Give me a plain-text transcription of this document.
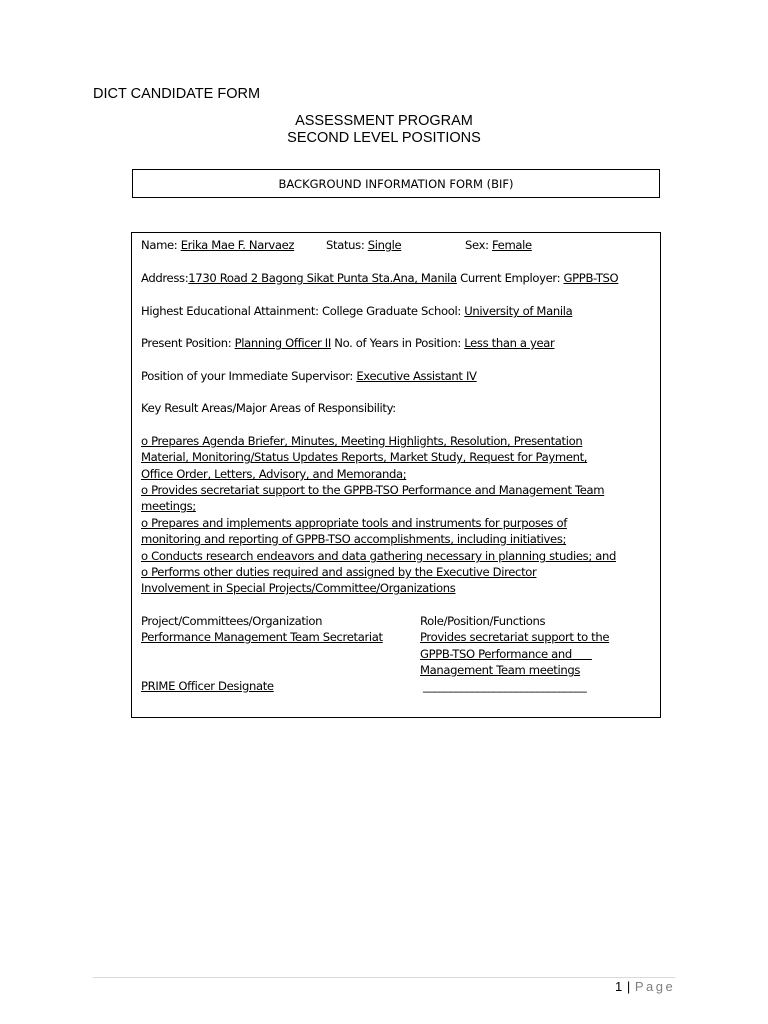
DICT CANDIDATE FORM
ASSESSMENT PROGRAM
SECOND LEVEL POSITIONS
BACKGROUND INFORMATION FORM (BIF)
Name: Erika Mae F. Narvaez	Status: Single	Sex: Female
Address:1730 Road 2 Bagong Sikat Punta Sta.Ana, Manila Current Employer: GPPB-TSO
Highest Educational Attainment: College Graduate School: University of Manila
Present Position: Planning Officer II No. of Years in Position: Less than a year
Position of your Immediate Supervisor: Executive Assistant IV
Key Result Areas/Major Areas of Responsibility:
o Prepares Agenda Briefer, Minutes, Meeting Highlights, Resolution, Presentation
Material, Monitoring/Status Updates Reports, Market Study, Request for Payment,
Office Order, Letters, Advisory, and Memoranda;
o Provides secretariat support to the GPPB-TSO Performance and Management Team
meetings;
o Prepares and implements appropriate tools and instruments for purposes of
monitoring and reporting of GPPB-TSO accomplishments, including initiatives;
o Conducts research endeavors and data gathering necessary in planning studies; and
o Performs other duties required and assigned by the Executive Director
Involvement in Special Projects/Committee/Organizations
Project/Committees/Organization	Role/Position/Functions
Performance Management Team Secretariat	Provides secretariat support to the
GPPB-TSO Performance and
Management Team meetings
PRIME Officer Designate	______________________________
1 | Page
